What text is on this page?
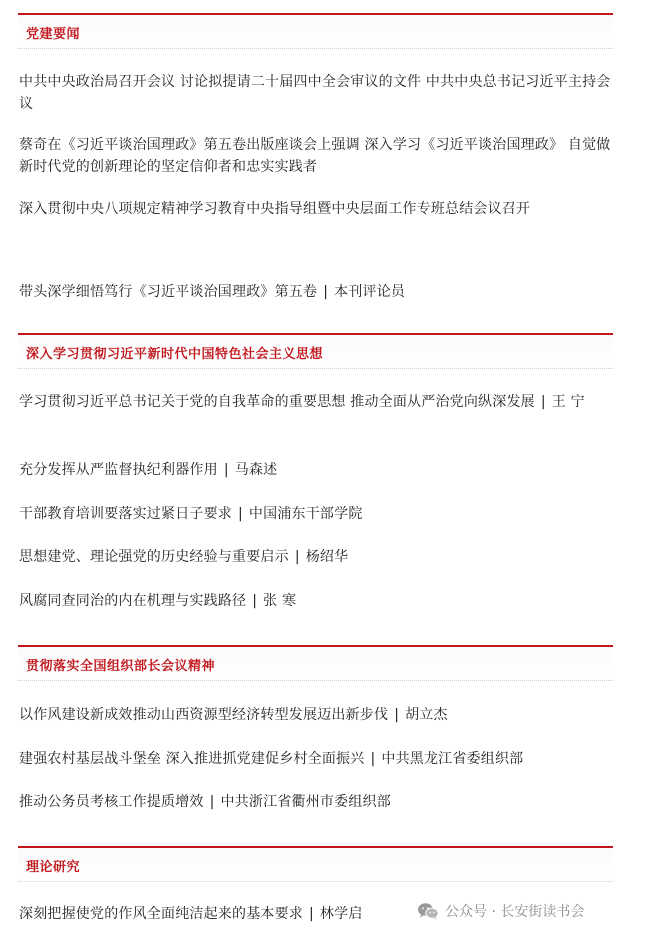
党建要闻
中共中央政治局召开会议 讨论拟提请二十届四中全会审议的文件 中共中央总书记习近平主持会议
蔡奇在《习近平谈治国理政》第五卷出版座谈会上强调 深入学习《习近平谈治国理政》 自觉做新时代党的创新理论的坚定信仰者和忠实实践者
深入贯彻中央八项规定精神学习教育中央指导组暨中央层面工作专班总结会议召开
带头深学细悟笃行《习近平谈治国理政》第五卷 | 本刊评论员
深入学习贯彻习近平新时代中国特色社会主义思想
学习贯彻习近平总书记关于党的自我革命的重要思想 推动全面从严治党向纵深发展 | 王 宁
充分发挥从严监督执纪利器作用 | 马森述
干部教育培训要落实过紧日子要求 | 中国浦东干部学院
思想建党、理论强党的历史经验与重要启示 | 杨绍华
风腐同查同治的内在机理与实践路径 | 张 寒
贯彻落实全国组织部长会议精神
以作风建设新成效推动山西资源型经济转型发展迈出新步伐 | 胡立杰
建强农村基层战斗堡垒 深入推进抓党建促乡村全面振兴 | 中共黑龙江省委组织部
推动公务员考核工作提质增效 | 中共浙江省衢州市委组织部
理论研究
深刻把握使党的作风全面纯洁起来的基本要求 | 林学启	公众号 · 长安街读书会
